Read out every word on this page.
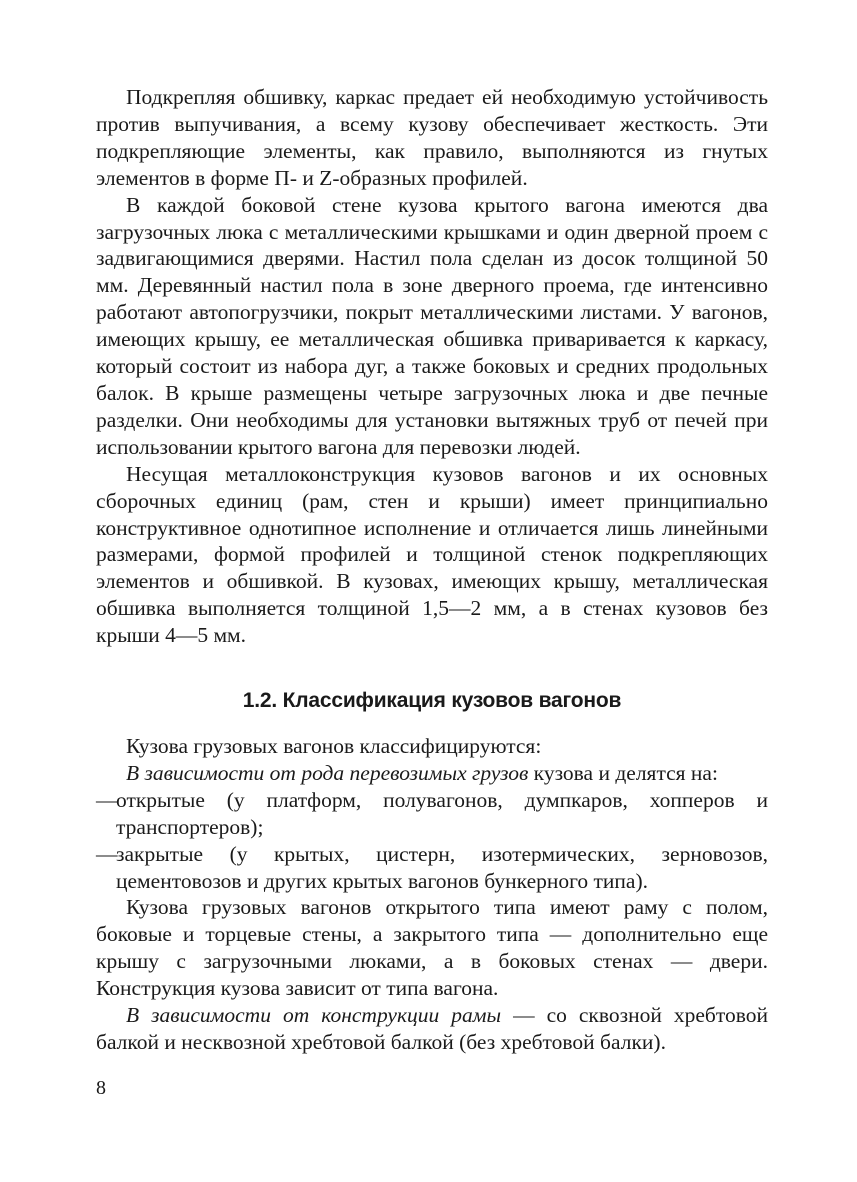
Подкрепляя обшивку, каркас предает ей необходимую устойчивость против выпучивания, а всему кузову обеспечивает жесткость. Эти подкрепляющие элементы, как правило, выполняются из гнутых элементов в форме П- и Z-образных профилей.

В каждой боковой стене кузова крытого вагона имеются два загрузочных люка с металлическими крышками и один дверной проем с задвигающимися дверями. Настил пола сделан из досок толщиной 50 мм. Деревянный настил пола в зоне дверного проема, где интенсивно работают автопогрузчики, покрыт металлическими листами. У вагонов, имеющих крышу, ее металлическая обшивка приваривается к каркасу, который состоит из набора дуг, а также боковых и средних продольных балок. В крыше размещены четыре загрузочных люка и две печные разделки. Они необходимы для установки вытяжных труб от печей при использовании крытого вагона для перевозки людей.

Несущая металлоконструкция кузовов вагонов и их основных сборочных единиц (рам, стен и крыши) имеет принципиально конструктивное однотипное исполнение и отличается лишь линейными размерами, формой профилей и толщиной стенок подкрепляющих элементов и обшивкой. В кузовах, имеющих крышу, металлическая обшивка выполняется толщиной 1,5—2 мм, а в стенах кузовов без крыши 4—5 мм.

1.2. Классификация кузовов вагонов

Кузова грузовых вагонов классифицируются:

В зависимости от рода перевозимых грузов кузова и делятся на:

—
открытые (у платформ, полувагонов, думпкаров, хопперов и транспортеров);
—
закрытые (у крытых, цистерн, изотермических, зерновозов, цементовозов и других крытых вагонов бункерного типа).

Кузова грузовых вагонов открытого типа имеют раму с полом, боковые и торцевые стены, а закрытого типа — дополнительно еще крышу с загрузочными люками, а в боковых стенах — двери. Конструкция кузова зависит от типа вагона.

В зависимости от конструкции рамы — со сквозной хребтовой балкой и несквозной хребтовой балкой (без хребтовой балки).

8
